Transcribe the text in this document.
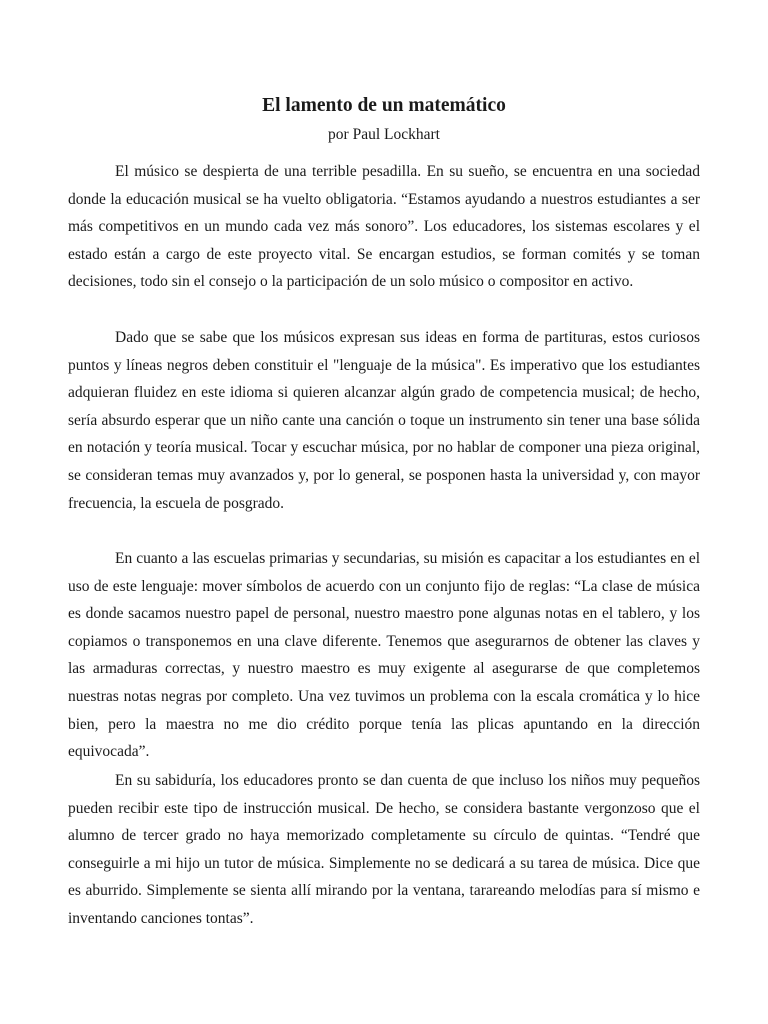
El lamento de un matemático
por Paul Lockhart

El músico se despierta de una terrible pesadilla. En su sueño, se encuentra en una sociedad donde la educación musical se ha vuelto obligatoria. “Estamos ayudando a nuestros estudiantes a ser más competitivos en un mundo cada vez más sonoro”. Los educadores, los sistemas escolares y el estado están a cargo de este proyecto vital. Se encargan estudios, se forman comités y se toman decisiones, todo sin el consejo o la participación de un solo músico o compositor en activo.

Dado que se sabe que los músicos expresan sus ideas en forma de partituras, estos curiosos puntos y líneas negros deben constituir el "lenguaje de la música". Es imperativo que los estudiantes adquieran fluidez en este idioma si quieren alcanzar algún grado de competencia musical; de hecho, sería absurdo esperar que un niño cante una canción o toque un instrumento sin tener una base sólida en notación y teoría musical. Tocar y escuchar música, por no hablar de componer una pieza original, se consideran temas muy avanzados y, por lo general, se posponen hasta la universidad y, con mayor frecuencia, la escuela de posgrado.

En cuanto a las escuelas primarias y secundarias, su misión es capacitar a los estudiantes en el uso de este lenguaje: mover símbolos de acuerdo con un conjunto fijo de reglas: “La clase de música es donde sacamos nuestro papel de personal, nuestro maestro pone algunas notas en el tablero, y los copiamos o transponemos en una clave diferente. Tenemos que asegurarnos de obtener las claves y las armaduras correctas, y nuestro maestro es muy exigente al asegurarse de que completemos nuestras notas negras por completo. Una vez tuvimos un problema con la escala cromática y lo hice bien, pero la maestra no me dio crédito porque tenía las plicas apuntando en la dirección equivocada”.

En su sabiduría, los educadores pronto se dan cuenta de que incluso los niños muy pequeños pueden recibir este tipo de instrucción musical. De hecho, se considera bastante vergonzoso que el alumno de tercer grado no haya memorizado completamente su círculo de quintas. “Tendré que conseguirle a mi hijo un tutor de música. Simplemente no se dedicará a su tarea de música. Dice que es aburrido. Simplemente se sienta allí mirando por la ventana, tarareando melodías para sí mismo e inventando canciones tontas”.
